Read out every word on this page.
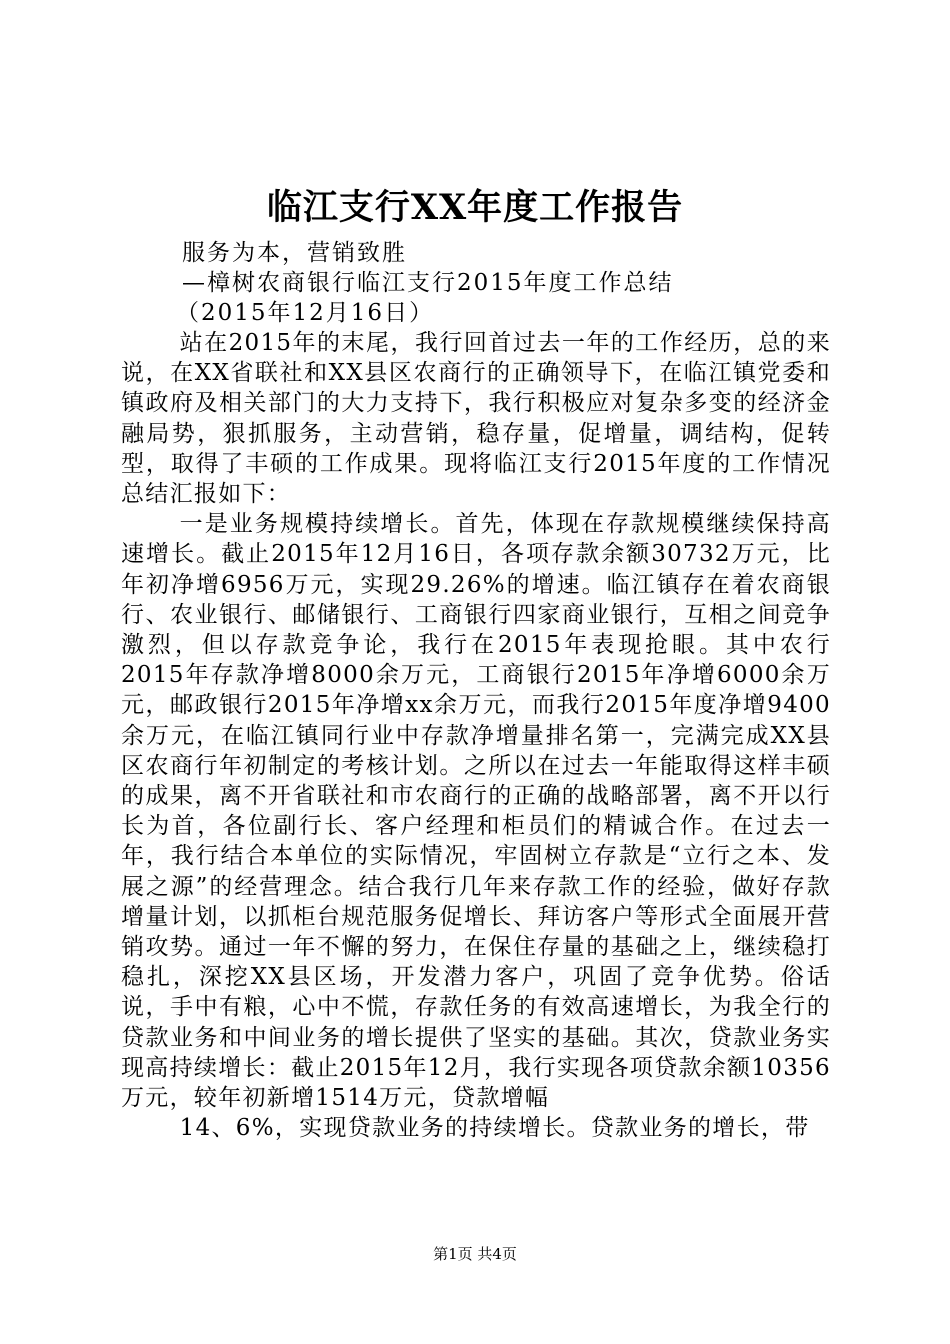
临江支行XX年度工作报告
服务为本，营销致胜
—樟树农商银行临江支行2015年度工作总结
（2015年12月16日）

站在2015年的末尾，我行回首过去一年的工作经历，总的来说，在XX省联社和XX县区农商行的正确领导下，在临江镇党委和镇政府及相关部门的大力支持下，我行积极应对复杂多变的经济金融局势，狠抓服务，主动营销，稳存量，促增量，调结构，促转型，取得了丰硕的工作成果。现将临江支行2015年度的工作情况总结汇报如下：

一是业务规模持续增长。首先，体现在存款规模继续保持高速增长。截止2015年12月16日，各项存款余额30732万元，比年初净增6956万元，实现29.26%的增速。临江镇存在着农商银行、农业银行、邮储银行、工商银行四家商业银行，互相之间竞争激烈，但以存款竞争论，我行在2015年表现抢眼。其中农行2015年存款净增8000余万元，工商银行2015年净增6000余万元，邮政银行2015年净增xx余万元，而我行2015年度净增9400余万元，在临江镇同行业中存款净增量排名第一，完满完成XX县区农商行年初制定的考核计划。之所以在过去一年能取得这样丰硕的成果，离不开省联社和市农商行的正确的战略部署，离不开以行长为首，各位副行长、客户经理和柜员们的精诚合作。在过去一年，我行结合本单位的实际情况，牢固树立存款是“立行之本、发展之源”的经营理念。结合我行几年来存款工作的经验，做好存款增量计划，以抓柜台规范服务促增长、拜访客户等形式全面展开营销攻势。通过一年不懈的努力，在保住存量的基础之上，继续稳打稳扎，深挖XX县区场，开发潜力客户，巩固了竞争优势。俗话说，手中有粮，心中不慌，存款任务的有效高速增长，为我全行的贷款业务和中间业务的增长提供了坚实的基础。其次，贷款业务实现高持续增长：截止2015年12月，我行实现各项贷款余额10356万元，较年初新增1514万元，贷款增幅

14、6%，实现贷款业务的持续增长。贷款业务的增长，带

第1页 共4页
